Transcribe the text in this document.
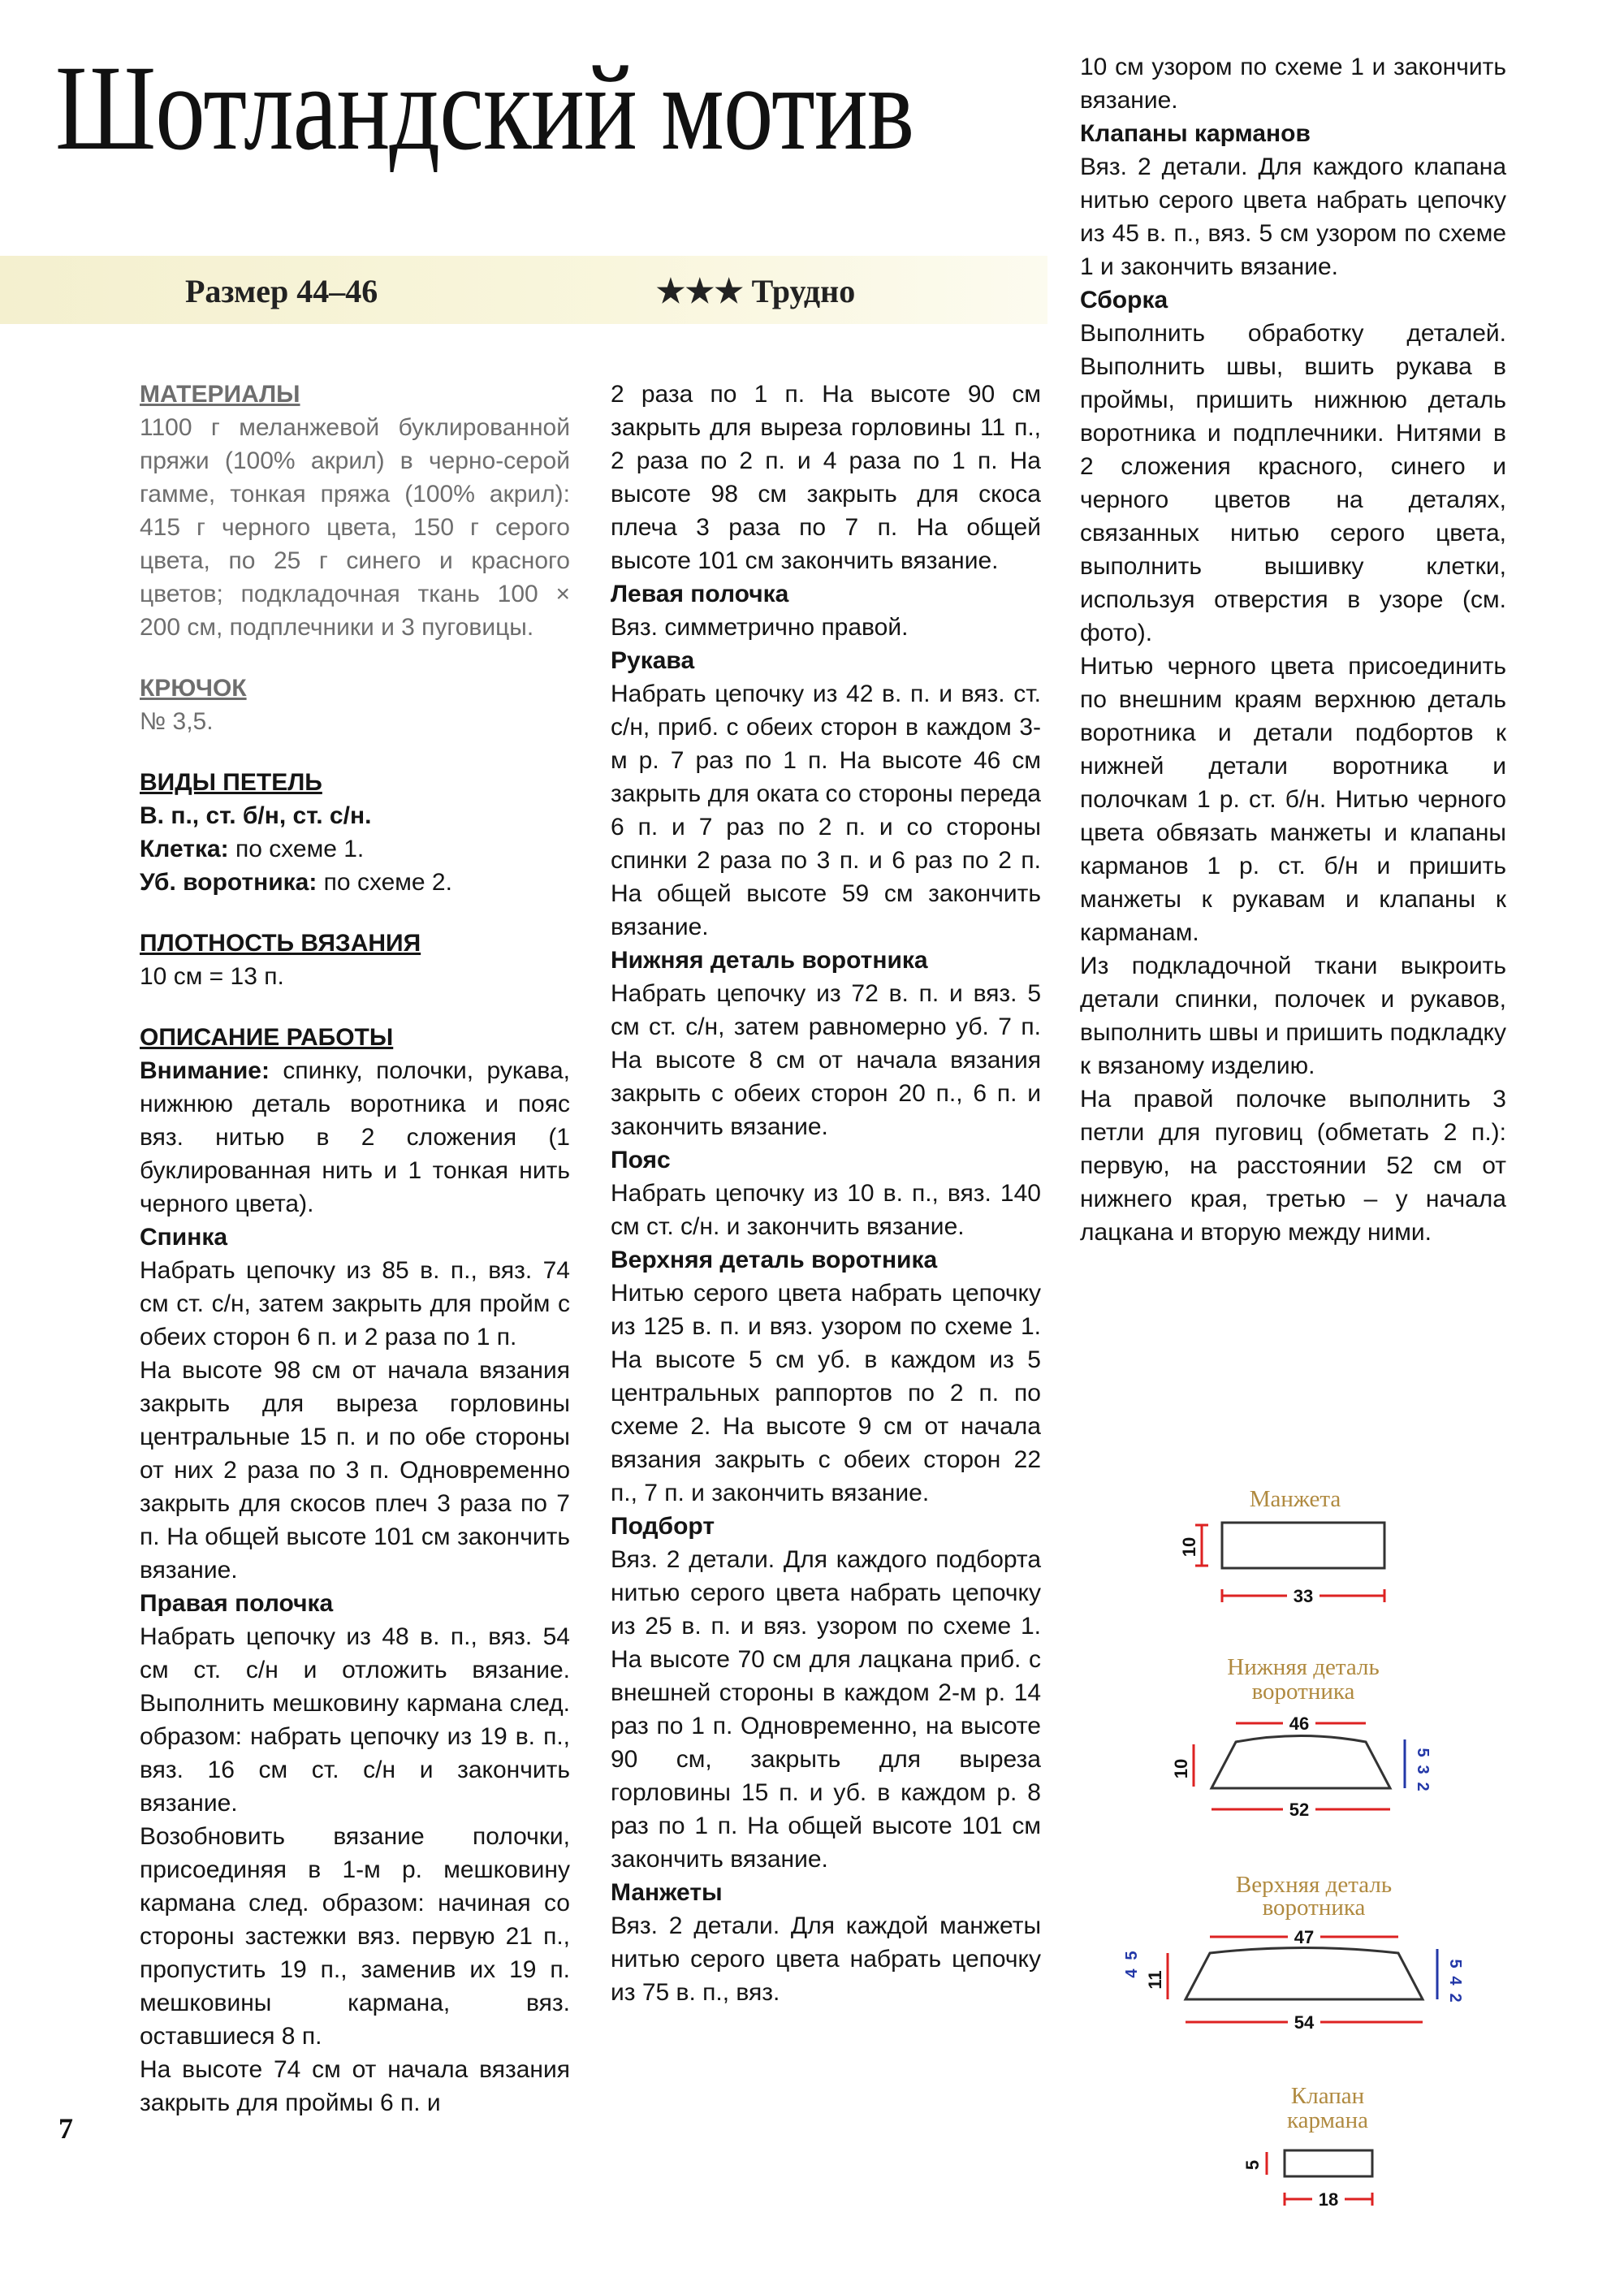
Шотландский мотив
Размер 44–46	★★★ Трудно
МАТЕРИАЛЫ

1100 г меланжевой буклированной пряжи (100% акрил) в черно-серой гамме, тонкая пряжа (100% акрил): 415 г черного цвета, 150 г серого цвета, по 25 г синего и красного цветов; подкладочная ткань 100 × 200 см, подплечники и 3 пуговицы.

КРЮЧОК

№ 3,5.

ВИДЫ ПЕТЕЛЬ

В. п., ст. б/н, ст. с/н.

Клетка: по схеме 1.

Уб. воротника: по схеме 2.

ПЛОТНОСТЬ ВЯЗАНИЯ

10 см = 13 п.

ОПИСАНИЕ РАБОТЫ

Внимание: спинку, полочки, рукава, нижнюю деталь воротника и пояс вяз. нитью в 2 сложения (1 буклированная нить и 1 тонкая нить черного цвета).

Спинка

Набрать цепочку из 85 в. п., вяз. 74 см ст. с/н, затем закрыть для пройм с обеих сторон 6 п. и 2 раза по 1 п.

На высоте 98 см от начала вязания закрыть для выреза горловины центральные 15 п. и по обе стороны от них 2 раза по 3 п. Одновременно закрыть для скосов плеч 3 раза по 7 п. На общей высоте 101 см закончить вязание.

Правая полочка

Набрать цепочку из 48 в. п., вяз. 54 см ст. с/н и отложить вязание. Выполнить мешковину кармана след. образом: набрать цепочку из 19 в. п., вяз. 16 см ст. с/н и закончить вязание.

Возобновить вязание полочки, присоединяя в 1-м р. мешковину кармана след. образом: начиная со стороны застежки вяз. первую 21 п., пропустить 19 п., заменив их 19 п. мешковины кармана, вяз. оставшиеся 8 п.

На высоте 74 см от начала вязания закрыть для проймы 6 п. и

2 раза по 1 п. На высоте 90 см закрыть для выреза горловины 11 п., 2 раза по 2 п. и 4 раза по 1 п. На высоте 98 см закрыть для скоса плеча 3 раза по 7 п. На общей высоте 101 см закончить вязание.

Левая полочка

Вяз. симметрично правой.

Рукава

Набрать цепочку из 42 в. п. и вяз. ст. с/н, приб. с обеих сторон в каждом 3-м р. 7 раз по 1 п. На высоте 46 см закрыть для оката со стороны переда 6 п. и 7 раз по 2 п. и со стороны спинки 2 раза по 3 п. и 6 раз по 2 п. На общей высоте 59 см закончить вязание.

Нижняя деталь воротника

Набрать цепочку из 72 в. п. и вяз. 5 см ст. с/н, затем равномерно уб. 7 п. На высоте 8 см от начала вязания закрыть с обеих сторон 20 п., 6 п. и закончить вязание.

Пояс

Набрать цепочку из 10 в. п., вяз. 140 см ст. с/н. и закончить вязание.

Верхняя деталь воротника

Нитью серого цвета набрать цепочку из 125 в. п. и вяз. узором по схеме 1. На высоте 5 см уб. в каждом из 5 центральных раппортов по 2 п. по схеме 2. На высоте 9 см от начала вязания закрыть с обеих сторон 22 п., 7 п. и закончить вязание.

Подборт

Вяз. 2 детали. Для каждого подборта нитью серого цвета набрать цепочку из 25 в. п. и вяз. узором по схеме 1. На высоте 70 см для лацкана приб. с внешней стороны в каждом 2-м р. 14 раз по 1 п. Одновременно, на высоте 90 см, закрыть для выреза горловины 15 п. и уб. в каждом р. 8 раз по 1 п. На общей высоте 101 см закончить вязание.

Манжеты

Вяз. 2 детали. Для каждой манжеты нитью серого цвета набрать цепочку из 75 в. п., вяз.

10 см узором по схеме 1 и закончить вязание.

Клапаны карманов

Вяз. 2 детали. Для каждого клапана нитью серого цвета набрать цепочку из 45 в. п., вяз. 5 см узором по схеме 1 и закончить вязание.

Сборка

Выполнить обработку деталей. Выполнить швы, вшить рукава в проймы, пришить нижнюю деталь воротника и подплечники. Нитями в 2 сложения красного, синего и черного цветов на деталях, связанных нитью серого цвета, выполнить вышивку клетки, используя отверстия в узоре (см. фото).

Нитью черного цвета присоединить по внешним краям верхнюю деталь воротника и детали подбортов к нижней детали воротника и полочкам 1 р. ст. б/н. Нитью черного цвета обвязать манжеты и клапаны карманов 1 р. ст. б/н и пришить манжеты к рукавам и клапаны к карманам.

Из подкладочной ткани выкроить детали спинки, полочек и рукавов, выполнить швы и пришить подкладку к вязаному изделию.

На правой полочке выполнить 3 петли для пуговиц (обметать 2 п.): первую, на расстоянии 52 см от нижнего края, третью – у начала лацкана и вторую между ними.

7
Манжета
10
33
Нижняя деталь
воротника
46
10
5
3
2
52
Верхняя деталь
воротника
47
11
5
4
5
4
2
54
Клапан
кармана
5
18
